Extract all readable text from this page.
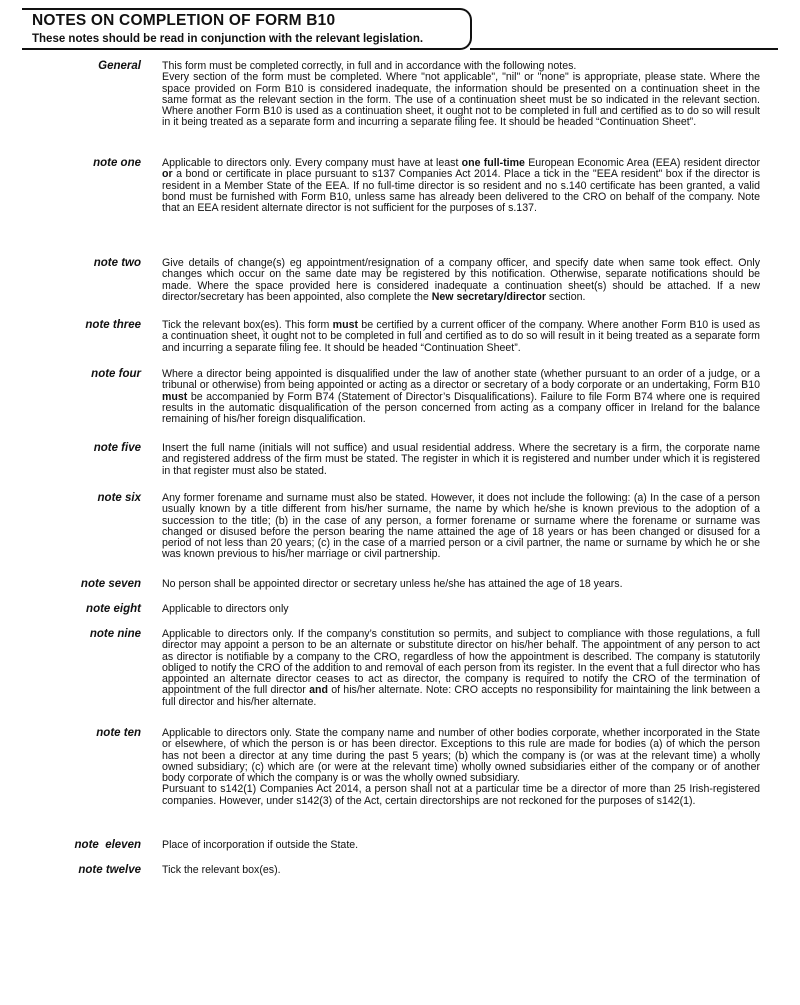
NOTES ON COMPLETION OF FORM B10
These notes should be read in conjunction with the relevant legislation.
General This form must be completed correctly, in full and in accordance with the following notes.

Every section of the form must be completed. Where "not applicable", "nil" or "none" is appropriate, please state. Where the space provided on Form B10 is considered inadequate, the information should be presented on a continuation sheet in the same format as the relevant section in the form. The use of a continuation sheet must be so indicated in the relevant section. Where another Form B10 is used as a continuation sheet, it ought not to be completed in full and certified as to do so will result in it being treated as a separate form and incurring a separate filing fee. It should be headed “Continuation Sheet”.

note one Applicable to directors only. Every company must have at least one full-time European Economic Area (EEA) resident director or a bond or certificate in place pursuant to s137 Companies Act 2014. Place a tick in the "EEA resident" box if the director is resident in a Member State of the EEA. If no full-time director is so resident and no s.140 certificate has been granted, a valid bond must be furnished with Form B10, unless same has already been delivered to the CRO on behalf of the company. Note that an EEA resident alternate director is not sufficient for the purposes of s.137.
note two Give details of change(s) eg appointment/resignation of a company officer, and specify date when same took effect. Only changes which occur on the same date may be registered by this notification. Otherwise, separate notifications should be made. Where the space provided here is considered inadequate a continuation sheet(s) should be attached. If a new director/secretary has been appointed, also complete the New secretary/director section.
note three Tick the relevant box(es). This form must be certified by a current officer of the company. Where another Form B10 is used as a continuation sheet, it ought not to be completed in full and certified as to do so will result in it being treated as a separate form and incurring a separate filing fee. It should be headed “Continuation Sheet”.
note four Where a director being appointed is disqualified under the law of another state (whether pursuant to an order of a judge, or a tribunal or otherwise) from being appointed or acting as a director or secretary of a body corporate or an undertaking, Form B10 must be accompanied by Form B74 (Statement of Director’s Disqualifications). Failure to file Form B74 where one is required results in the automatic disqualification of the person concerned from acting as a company officer in Ireland for the balance remaining of his/her foreign disqualification.
note five Insert the full name (initials will not suffice) and usual residential address. Where the secretary is a firm, the corporate name and registered address of the firm must be stated. The register in which it is registered and number under which it is registered in that register must also be stated.
note six Any former forename and surname must also be stated. However, it does not include the following: (a) In the case of a person usually known by a title different from his/her surname, the name by which he/she is known previous to the adoption of a succession to the title; (b) in the case of any person, a former forename or surname where the forename or surname was changed or disused before the person bearing the name attained the age of 18 years or has been changed or disused for a period of not less than 20 years; (c) in the case of a married person or a civil partner, the name or surname by which he or she was known previous to his/her marriage or civil partnership.
note seven No person shall be appointed director or secretary unless he/she has attained the age of 18 years.
note eight Applicable to directors only
note nine Applicable to directors only. If the company’s constitution so permits, and subject to compliance with those regulations, a full director may appoint a person to be an alternate or substitute director on his/her behalf. The appointment of any person to act as director is notifiable by a company to the CRO, regardless of how the appointment is described. The company is statutorily obliged to notify the CRO of the addition to and removal of each person from its register. In the event that a full director who has appointed an alternate director ceases to act as director, the company is required to notify the CRO of the termination of appointment of the full director and of his/her alternate. Note: CRO accepts no responsibility for maintaining the link between a full director and his/her alternate.
note ten Applicable to directors only. State the company name and number of other bodies corporate, whether incorporated in the State or elsewhere, of which the person is or has been director. Exceptions to this rule are made for bodies (a) of which the person has not been a director at any time during the past 5 years; (b) which the company is (or was at the relevant time) a wholly owned subsidiary; (c) which are (or were at the relevant time) wholly owned subsidiaries either of the company or of another body corporate of which the company is or was the wholly owned subsidiary.

Pursuant to s142(1) Companies Act 2014, a person shall not at a particular time be a director of more than 25 Irish-registered companies. However, under s142(3) of the Act, certain directorships are not reckoned for the purposes of s142(1).

note  eleven Place of incorporation if outside the State.
note twelve Tick the relevant box(es).
